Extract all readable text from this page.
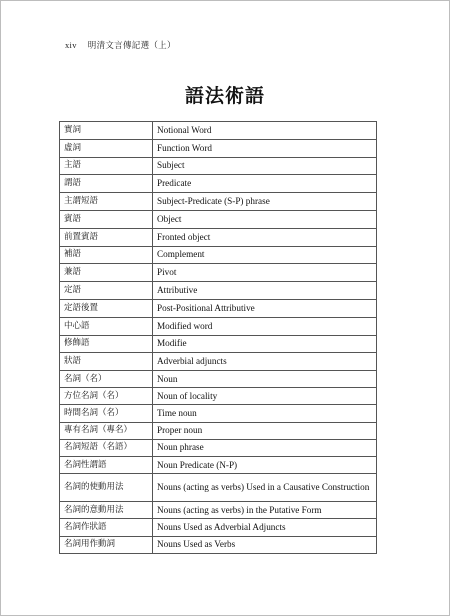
xiv 明清文言傳記選（上）
語法術語
實詞	Notional Word
虛詞	Function Word
主語	Subject
謂語	Predicate
主謂短語	Subject-Predicate (S-P) phrase
賓語	Object
前置賓語	Fronted object
補語	Complement
兼語	Pivot
定語	Attributive
定語後置	Post-Positional Attributive
中心語	Modified word
修飾語	Modifie
狀語	Adverbial adjuncts
名詞（名）	Noun
方位名詞（名）	Noun of locality
時間名詞（名）	Time noun
專有名詞（專名）	Proper noun
名詞短語（名語）	Noun phrase
名詞性謂語	Noun Predicate (N-P)
名詞的使動用法	Nouns (acting as verbs) Used in a Causative Construction
名詞的意動用法	Nouns (acting as verbs) in the Putative Form
名詞作狀語	Nouns Used as Adverbial Adjuncts
名詞用作動詞	Nouns Used as Verbs
